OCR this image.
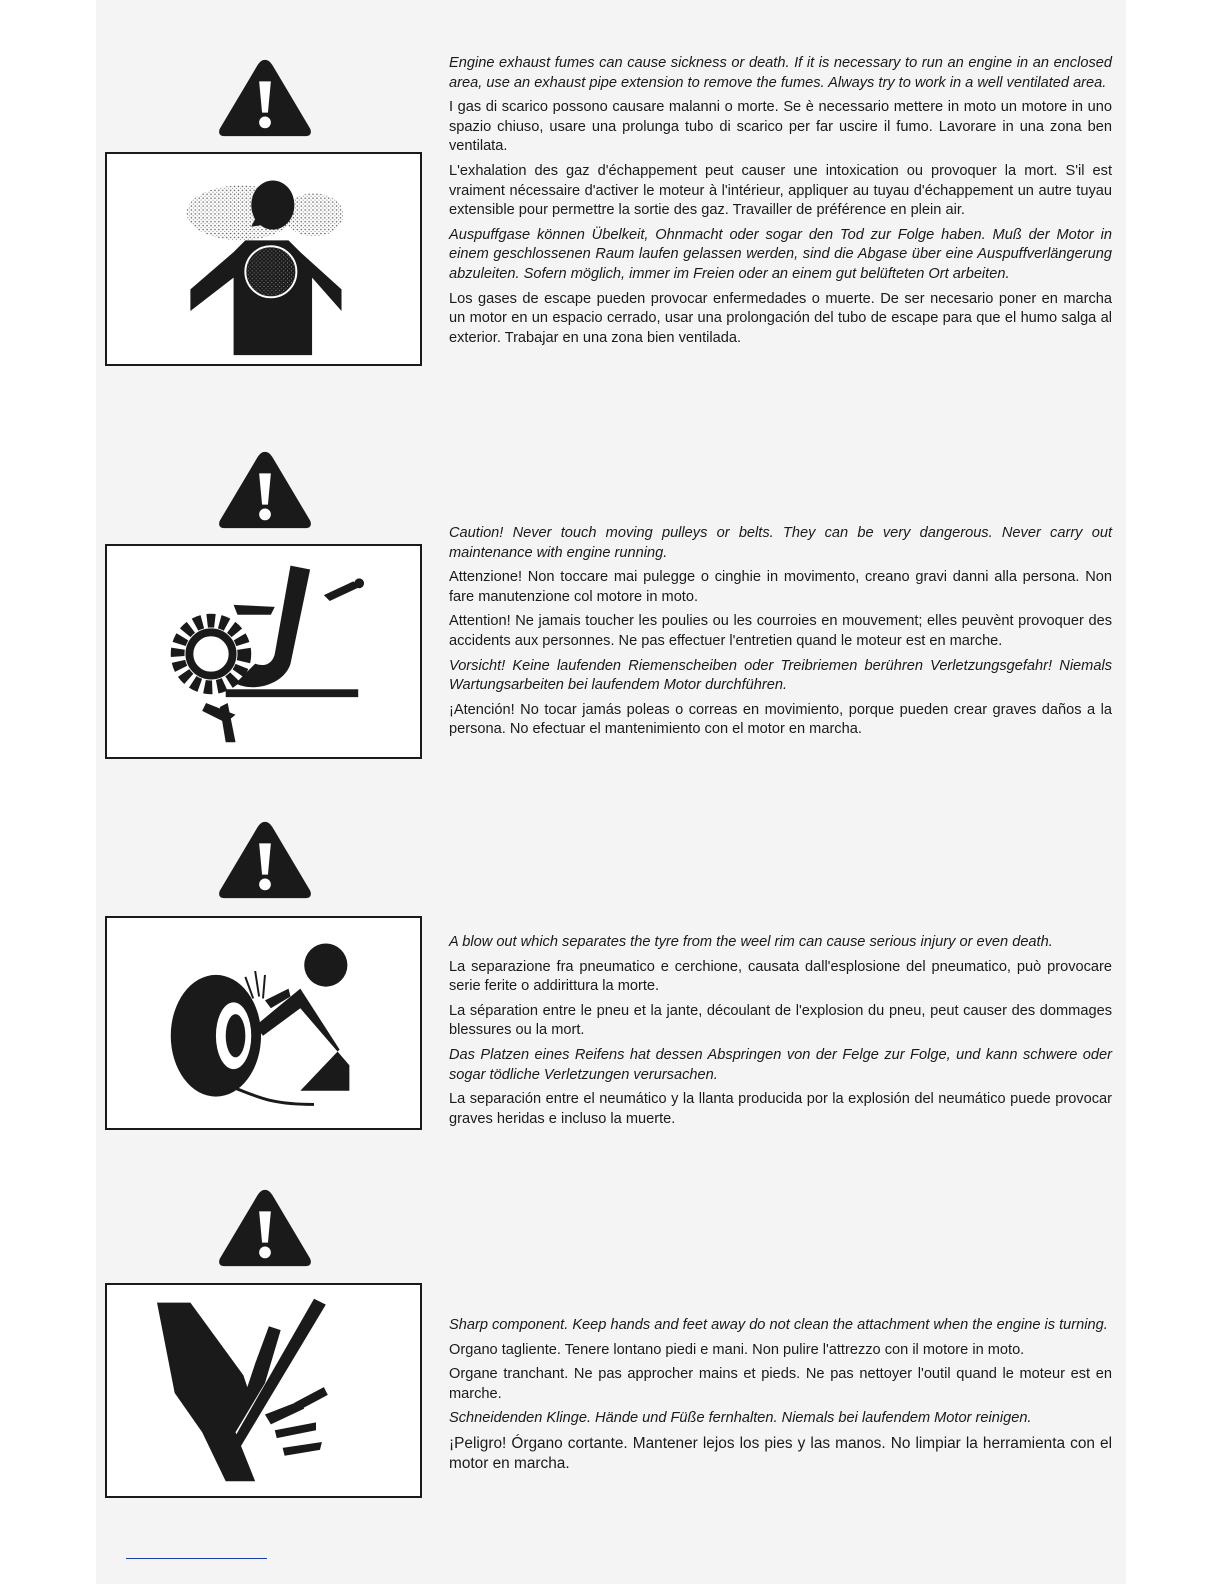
Engine exhaust fumes can cause sickness or death. If it is necessary to run an engine in an enclosed area, use an exhaust pipe extension to remove the fumes. Always try to work in a well ventilated area.

I gas di scarico possono causare malanni o morte. Se è necessario mettere in moto un motore in uno spazio chiuso, usare una prolunga tubo di scarico per far uscire il fumo. Lavorare in una zona ben ventilata.

L'exhalation des gaz d'échappement peut causer une intoxication ou provoquer la mort. S'il est vraiment nécessaire d'activer le moteur à l'intérieur, appliquer au tuyau d'échappement un autre tuyau extensible pour permettre la sortie des gaz. Travailler de préférence en plein air.

Auspuffgase können Übelkeit, Ohnmacht oder sogar den Tod zur Folge haben. Muß der Motor in einem geschlossenen Raum laufen gelassen werden, sind die Abgase über eine Auspuffverlängerung abzuleiten. Sofern möglich, immer im Freien oder an einem gut belüfteten Ort arbeiten.

Los gases de escape pueden provocar enfermedades o muerte. De ser necesario poner en marcha un motor en un espacio cerrado, usar una prolongación del tubo de escape para que el humo salga al exterior. Trabajar en una zona bien ventilada.

Caution! Never touch moving pulleys or belts. They can be very dangerous. Never carry out maintenance with engine running.

Attenzione! Non toccare mai pulegge o cinghie in movimento, creano gravi danni alla persona. Non fare manutenzione col motore in moto.

Attention! Ne jamais toucher les poulies ou les courroies en mouvement; elles peuvènt provoquer des accidents aux personnes. Ne pas effectuer l'entretien quand le moteur est en marche.

Vorsicht! Keine laufenden Riemenscheiben oder Treibriemen berühren Verletzungsgefahr! Niemals Wartungsarbeiten bei laufendem Motor durchführen.

¡Atención! No tocar jamás poleas o correas en movimiento, porque pueden crear graves daños a la persona. No efectuar el mantenimiento con el motor en marcha.

A blow out which separates the tyre from the weel rim can cause serious injury or even death.

La separazione fra pneumatico e cerchione, causata dall'esplosione del pneumatico, può provocare serie ferite o addirittura la morte.

La séparation entre le pneu et la jante, découlant de l'explosion du pneu, peut causer des dommages blessures ou la mort.

Das Platzen eines Reifens hat dessen Abspringen von der Felge zur Folge, und kann schwere oder sogar tödliche Verletzungen verursachen.

La separación entre el neumático y la llanta producida por la explosión del neumático puede provocar graves heridas e incluso la muerte.

Sharp component. Keep hands and feet away do not clean the attachment when the engine is turning.

Organo tagliente. Tenere lontano piedi e mani. Non pulire l'attrezzo con il motore in moto.

Organe tranchant. Ne pas approcher mains et pieds. Ne pas nettoyer l'outil quand le moteur est en marche.

Schneidenden Klinge. Hände und Füße fernhalten. Niemals bei laufendem Motor reinigen.

¡Peligro! Órgano cortante. Mantener lejos los pies y las manos. No limpiar la herramienta con el motor en marcha.
